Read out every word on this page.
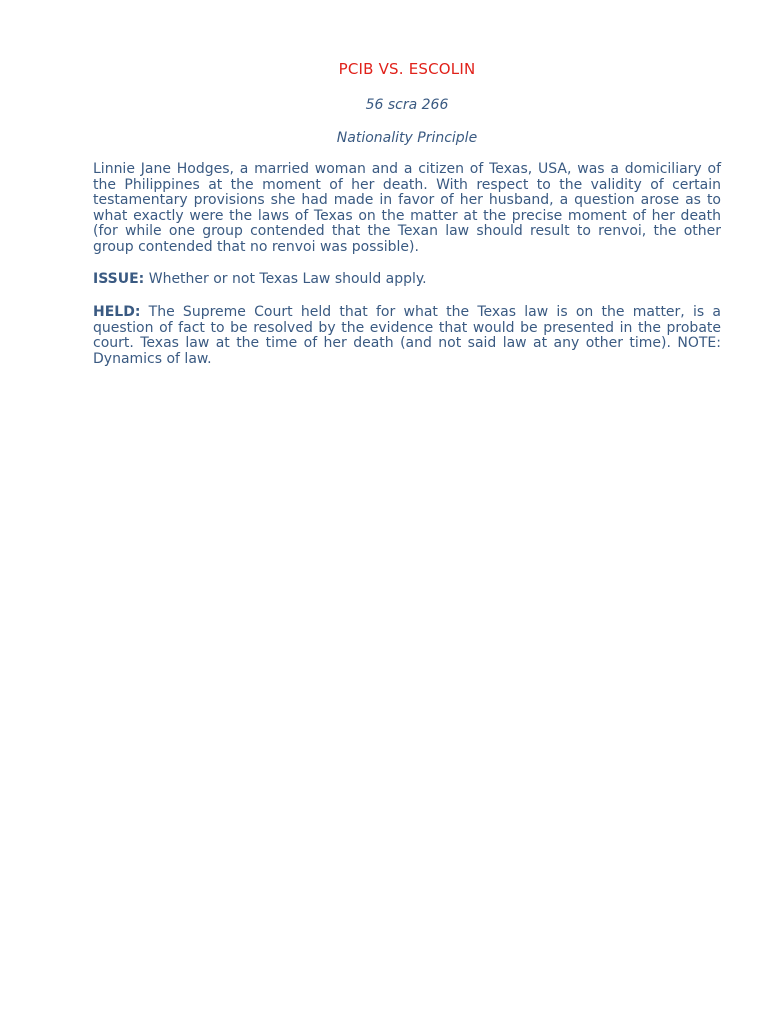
PCIB VS. ESCOLIN
56 scra 266
Nationality Principle

Linnie Jane Hodges, a married woman and a citizen of Texas, USA, was a domiciliary of the Philippines at the moment of her death. With respect to the validity of certain testamentary provisions she had made in favor of her husband, a question arose as to what exactly were the laws of Texas on the matter at the precise moment of her death (for while one group contended that the Texan law should result to renvoi, the other group contended that no renvoi was possible).

ISSUE: Whether or not Texas Law should apply.

HELD: The Supreme Court held that for what the Texas law is on the matter, is a question of fact to be resolved by the evidence that would be presented in the probate court. Texas law at the time of her death (and not said law at any other time). NOTE: Dynamics of law.
